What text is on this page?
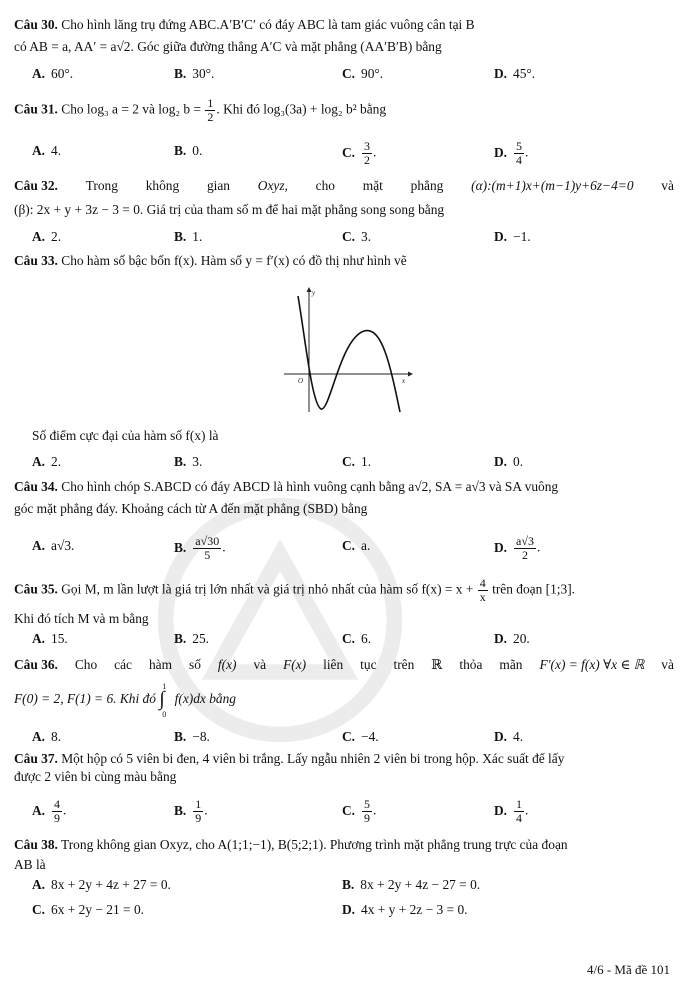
Câu 30. Cho hình lăng trụ đứng ABC.A′B′C′ có đáy ABC là tam giác vuông cân tại B
có AB = a, AA′ = a√2. Góc giữa đường thẳng A′C và mặt phẳng (AA′B′B) bằng
A. 60°.	B. 30°.	C. 90°.	D. 45°.
Câu 31. Cho log₃ a = 2 và log₂ $b = \frac{1}{2}$ . Khi đó log₃(3a) + log₂ b² bằng
A. 4.	B. 0.	C. $\frac{3}{2}$ .	D. $\frac{5}{4}$ .
Câu 32. Trong không gian Oxyz, cho mặt phẳng (α):(m+1)x+(m−1)y+6z−4=0 và
(β): 2x + y + 3z − 3 = 0. Giá trị của tham số m để hai mặt phẳng song song bằng
A. 2.	B. 1.	C. 3.	D. −1.
Câu 33. Cho hàm số bậc bốn f(x). Hàm số y = f′(x) có đồ thị như hình vẽ
y
x
O
Số điểm cực đại của hàm số f(x) là
A. 2.	B. 3.	C. 1.	D. 0.
Câu 34. Cho hình chóp S.ABCD có đáy ABCD là hình vuông cạnh bằng a√2, SA = a√3 và SA vuông
góc mặt phẳng đáy. Khoảng cách từ A đến mặt phẳng (SBD) bằng
A. a√3.	B. $\frac{a√30}{5}$ .	C. a.	D. $\frac{a√3}{2}$ .
Câu 35. Gọi M, m lần lượt là giá trị lớn nhất và giá trị nhỏ nhất của hàm số $f(x) = x + \frac{4}{x}$ trên đoạn [1;3].
Khi đó tích M và m bằng
A. 15.	B. 25.	C. 6.	D. 20.
Câu 36. Cho các hàm số f(x) và F(x) liên tục trên ℝ thỏa mãn F′(x) = f(x) ∀x ∈ ℝ và
F(0) = 2, F(1) = 6. Khi đó
1
∫
0
f(x)dx bằng
A. 8.	B. −8.	C. −4.	D. 4.
Câu 37. Một hộp có 5 viên bi đen, 4 viên bi trắng. Lấy ngẫu nhiên 2 viên bi trong hộp. Xác suất để lấy
được 2 viên bi cùng màu bằng
A. $\frac{4}{9}$ .	B. $\frac{1}{9}$ .	C. $\frac{5}{9}$ .	D. $\frac{1}{4}$ .
Câu 38. Trong không gian Oxyz, cho A(1;1;−1), B(5;2;1). Phương trình mặt phẳng trung trực của đoạn
AB là
A. 8x + 2y + 4z + 27 = 0.	B. 8x + 2y + 4z − 27 = 0.
C. 6x + 2y − 21 = 0.	D. 4x + y + 2z − 3 = 0.
4/6 - Mã đề 101
